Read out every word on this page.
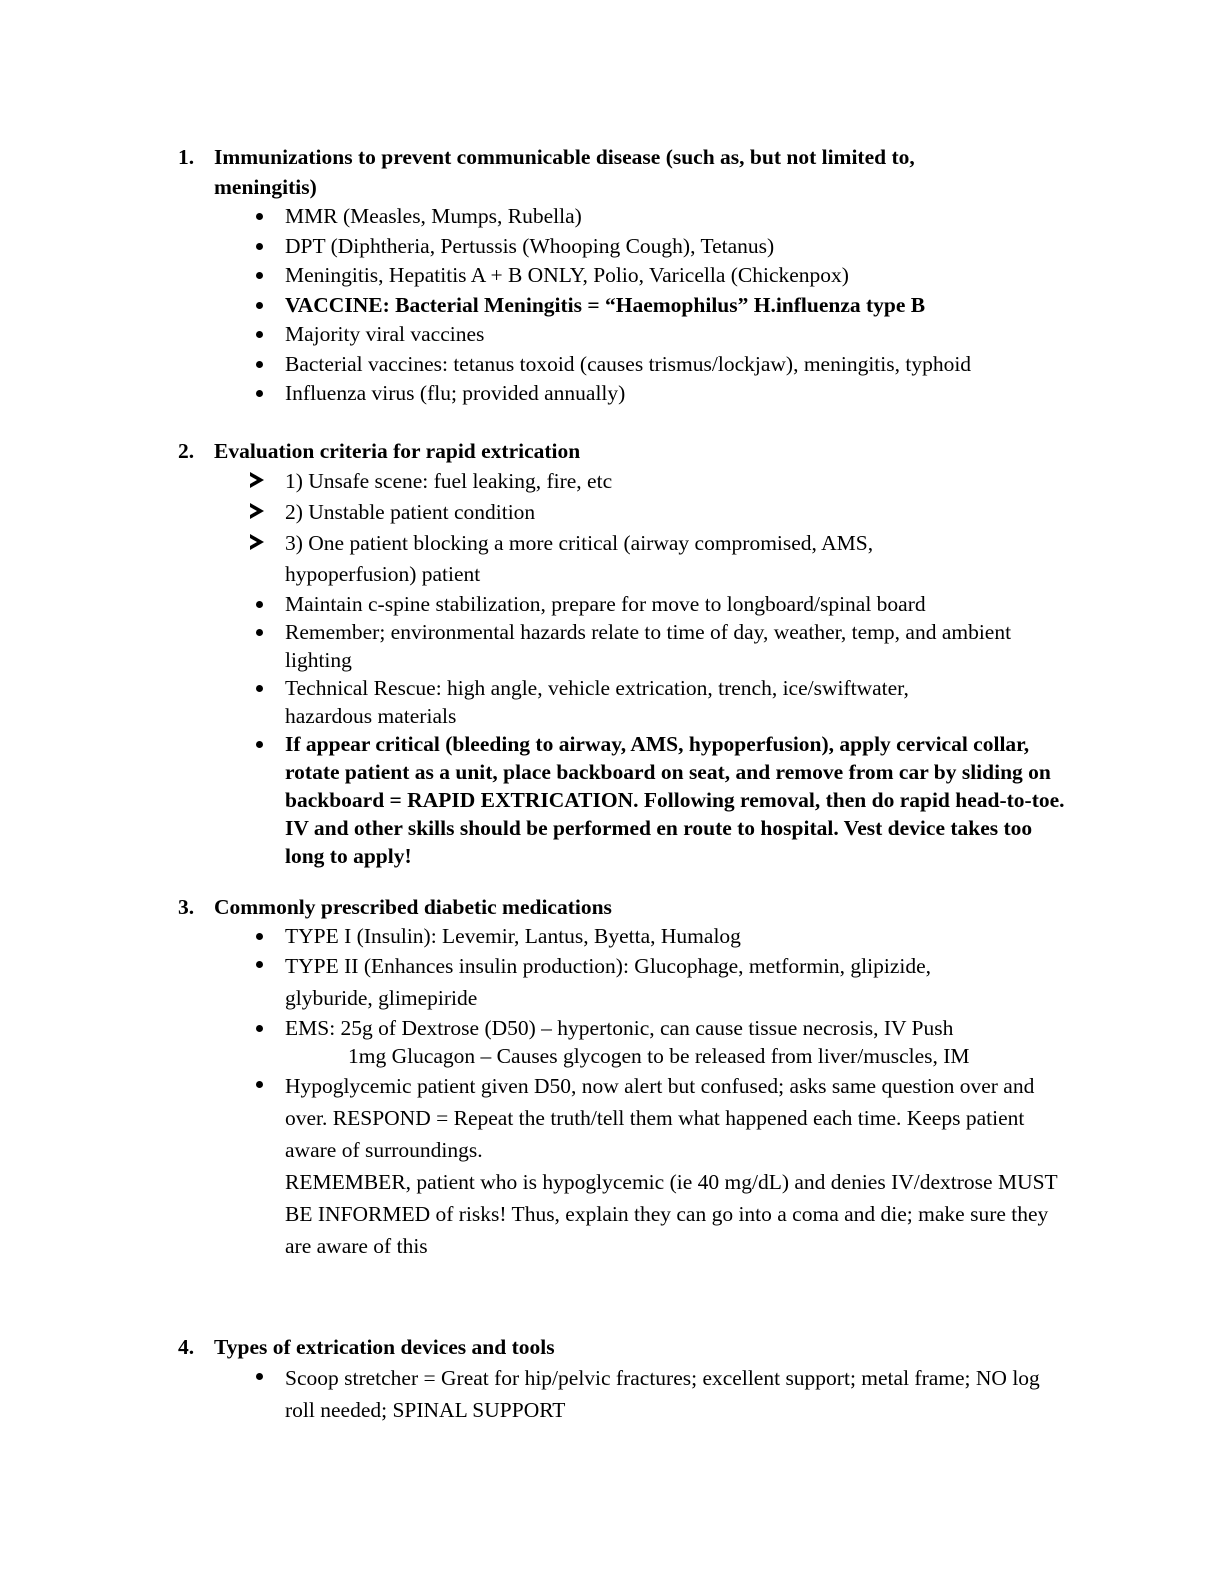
1. Immunizations to prevent communicable disease (such as, but not limited to,
meningitis)
MMR (Measles, Mumps, Rubella)
DPT (Diphtheria, Pertussis (Whooping Cough), Tetanus)
Meningitis, Hepatitis A + B ONLY, Polio, Varicella (Chickenpox)
VACCINE: Bacterial Meningitis = “Haemophilus” H.influenza type B
Majority viral vaccines
Bacterial vaccines: tetanus toxoid (causes trismus/lockjaw), meningitis, typhoid
Influenza virus (flu; provided annually)
2. Evaluation criteria for rapid extrication
1) Unsafe scene: fuel leaking, fire, etc
2) Unstable patient condition
3) One patient blocking a more critical (airway compromised, AMS, hypoperfusion) patient
Maintain c-spine stabilization, prepare for move to longboard/spinal board
Remember; environmental hazards relate to time of day, weather, temp, and ambient lighting
Technical Rescue: high angle, vehicle extrication, trench, ice/swiftwater, hazardous materials
If appear critical (bleeding to airway, AMS, hypoperfusion), apply cervical collar, rotate patient as a unit, place backboard on seat, and remove from car by sliding on backboard = RAPID EXTRICATION. Following removal, then do rapid head-to-toe. IV and other skills should be performed en route to hospital. Vest device takes too long to apply!
3. Commonly prescribed diabetic medications
TYPE I (Insulin): Levemir, Lantus, Byetta, Humalog
TYPE II (Enhances insulin production): Glucophage, metformin, glipizide, glyburide, glimepiride
EMS: 25g of Dextrose (D50) – hypertonic, can cause tissue necrosis, IV Push
1mg Glucagon – Causes glycogen to be released from liver/muscles, IM
Hypoglycemic patient given D50, now alert but confused; asks same question over and over. RESPOND = Repeat the truth/tell them what happened each time. Keeps patient aware of surroundings.
REMEMBER, patient who is hypoglycemic (ie 40 mg/dL) and denies IV/dextrose MUST BE INFORMED of risks! Thus, explain they can go into a coma and die; make sure they are aware of this
4. Types of extrication devices and tools
Scoop stretcher = Great for hip/pelvic fractures; excellent support; metal frame; NO log roll needed; SPINAL SUPPORT
